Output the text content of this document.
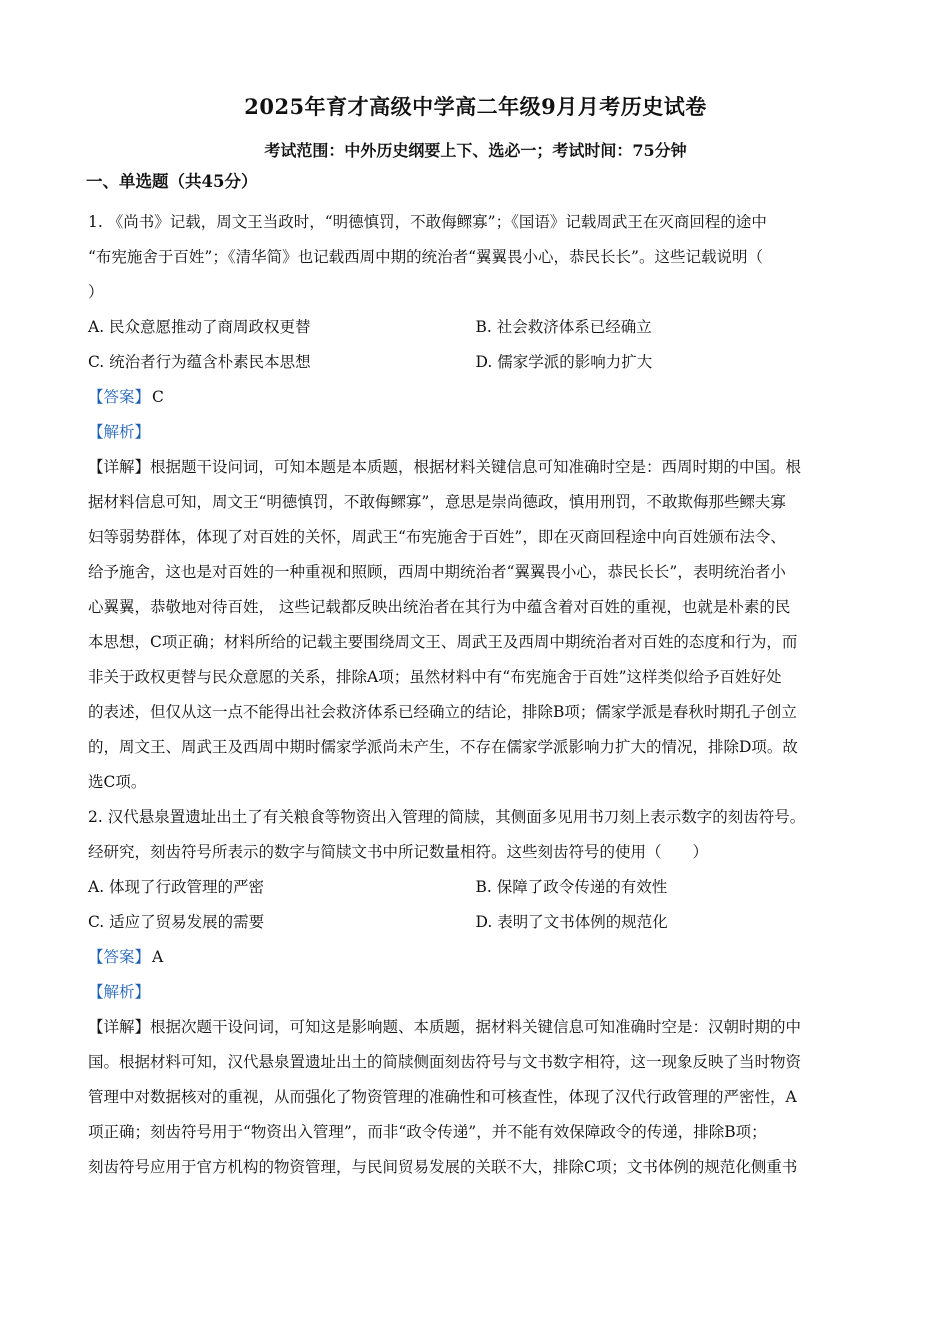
2025年育才高级中学高二年级9月月考历史试卷
考试范围：中外历史纲要上下、选必一；考试时间：75分钟
一、单选题（共45分）
1. 《尚书》记载，周文王当政时，“明德慎罚，不敢侮鳏寡”；《国语》记载周武王在灭商回程的途中
“布宪施舍于百姓”；《清华简》也记载西周中期的统治者“翼翼畏小心，恭民长长”。这些记载说明（
）
A. 民众意愿推动了商周政权更替	B. 社会救济体系已经确立
C. 统治者行为蕴含朴素民本思想	D. 儒家学派的影响力扩大
【答案】 C
【解析】
【详解】根据题干设问词，可知本题是本质题，根据材料关键信息可知准确时空是：西周时期的中国。根
据材料信息可知，周文王“明德慎罚，不敢侮鳏寡”，意思是崇尚德政，慎用刑罚，不敢欺侮那些鳏夫寡
妇等弱势群体，体现了对百姓的关怀，周武王“布宪施舍于百姓”，即在灭商回程途中向百姓颁布法令、
给予施舍，这也是对百姓的一种重视和照顾，西周中期统治者“翼翼畏小心，恭民长长”，表明统治者小
心翼翼，恭敬地对待百姓， 这些记载都反映出统治者在其行为中蕴含着对百姓的重视，也就是朴素的民
本思想，C项正确；材料所给的记载主要围绕周文王、周武王及西周中期统治者对百姓的态度和行为，而
非关于政权更替与民众意愿的关系，排除A项；虽然材料中有“布宪施舍于百姓”这样类似给予百姓好处
的表述，但仅从这一点不能得出社会救济体系已经确立的结论，排除B项；儒家学派是春秋时期孔子创立
的，周文王、周武王及西周中期时儒家学派尚未产生，不存在儒家学派影响力扩大的情况，排除D项。故
选C项。
2. 汉代悬泉置遗址出土了有关粮食等物资出入管理的简牍，其侧面多见用书刀刻上表示数字的刻齿符号。
经研究，刻齿符号所表示的数字与简牍文书中所记数量相符。这些刻齿符号的使用（　　）
A. 体现了行政管理的严密	B. 保障了政令传递的有效性
C. 适应了贸易发展的需要	D. 表明了文书体例的规范化
【答案】 A
【解析】
【详解】根据次题干设问词，可知这是影响题、本质题，据材料关键信息可知准确时空是：汉朝时期的中
国。根据材料可知，汉代悬泉置遗址出土的简牍侧面刻齿符号与文书数字相符，这一现象反映了当时物资
管理中对数据核对的重视，从而强化了物资管理的准确性和可核查性，体现了汉代行政管理的严密性，A
项正确；刻齿符号用于“物资出入管理”，而非“政令传递”，并不能有效保障政令的传递，排除B项；
刻齿符号应用于官方机构的物资管理，与民间贸易发展的关联不大，排除C项；文书体例的规范化侧重书
